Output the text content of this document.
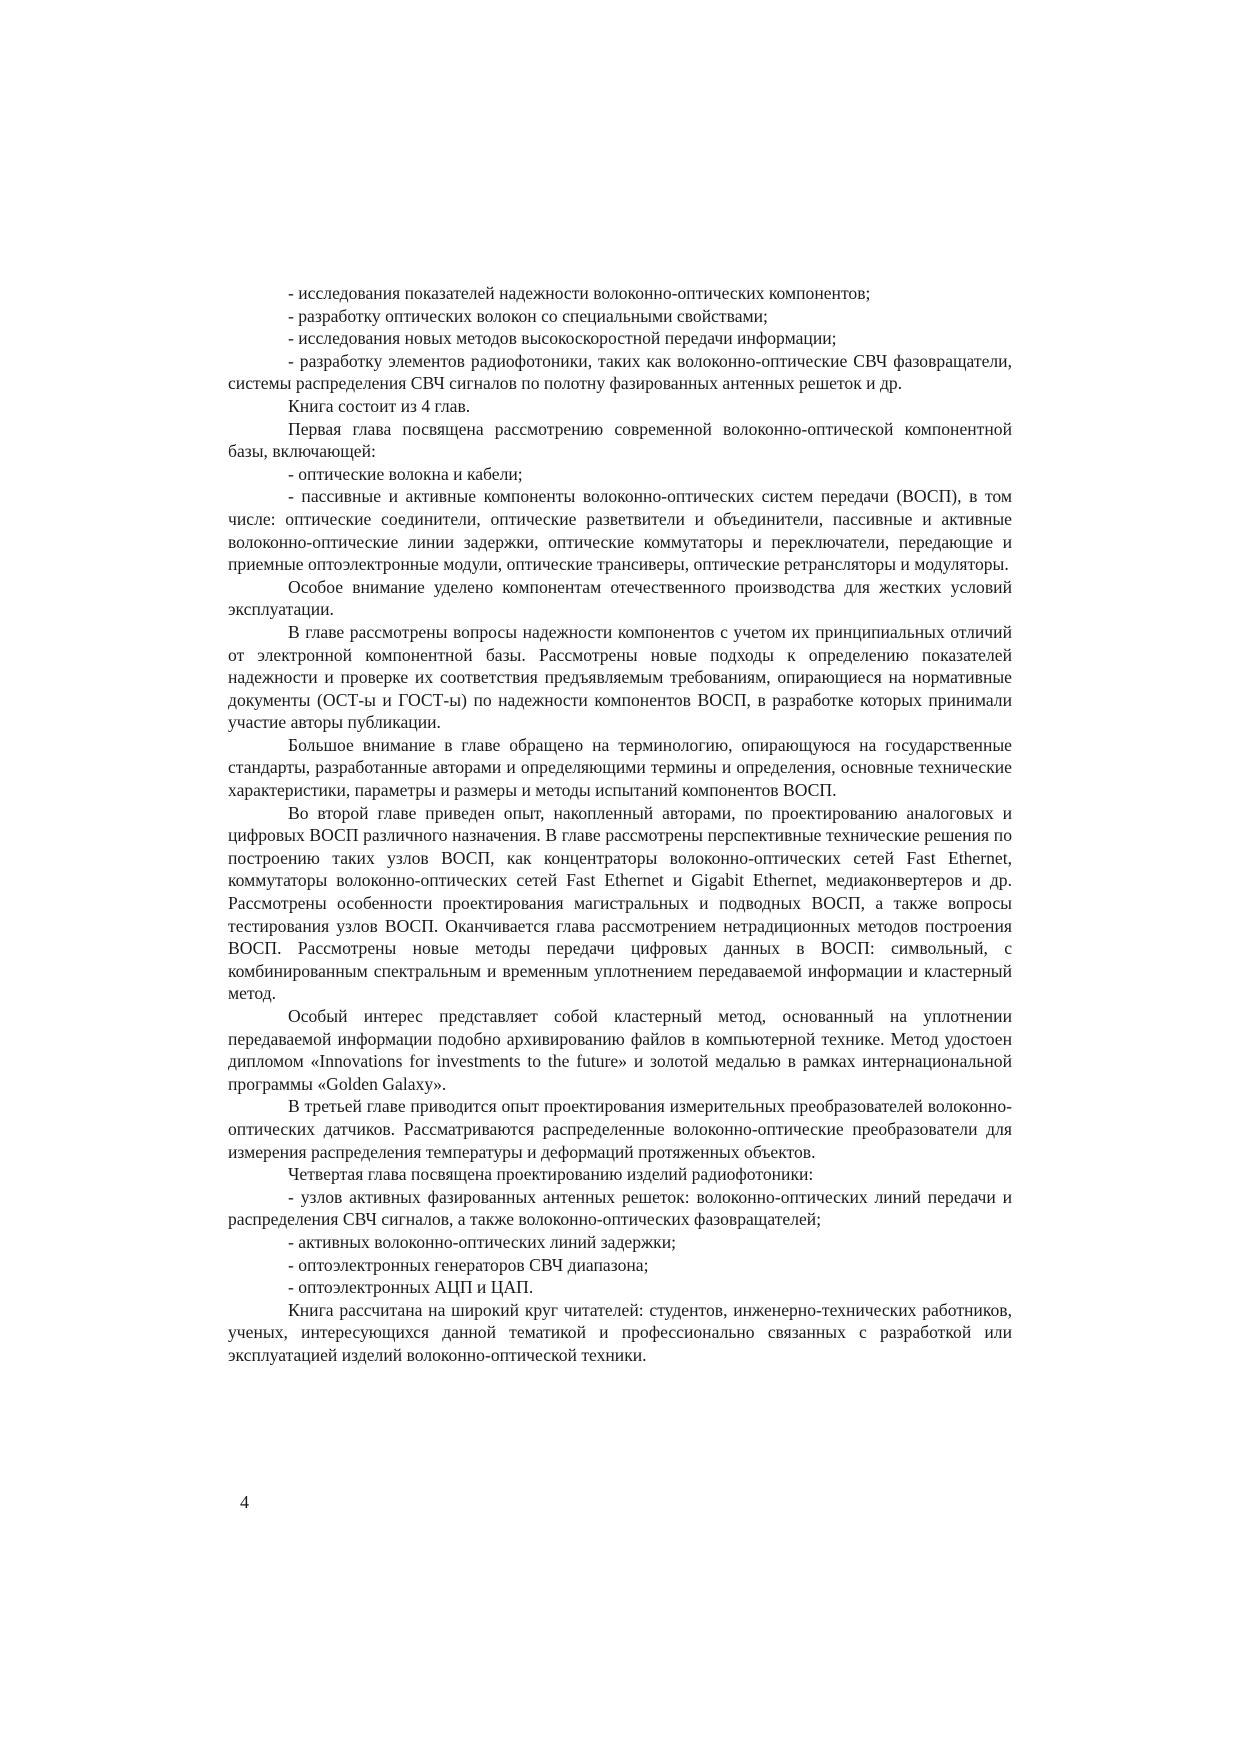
- исследования показателей надежности волоконно-оптических компонентов;

- разработку оптических волокон со специальными свойствами;

- исследования новых методов высокоскоростной передачи информации;

- разработку элементов радиофотоники, таких как волоконно-оптические СВЧ фазовращатели, системы распределения СВЧ сигналов по полотну фазированных антенных решеток и др.

Книга состоит из 4 глав.

Первая глава посвящена рассмотрению современной волоконно-оптической компонентной базы, включающей:

- оптические волокна и кабели;

- пассивные и активные компоненты волоконно-оптических систем передачи (ВОСП), в том числе: оптические соединители, оптические разветвители и объединители, пассивные и активные волоконно-оптические линии задержки, оптические коммутаторы и переключатели, передающие и приемные оптоэлектронные модули, оптические трансиверы, оптические ретрансляторы и модуляторы.

Особое внимание уделено компонентам отечественного производства для жестких условий эксплуатации.

В главе рассмотрены вопросы надежности компонентов с учетом их принципиальных отличий от электронной компонентной базы. Рассмотрены новые подходы к определению показателей надежности и проверке их соответствия предъявляемым требованиям, опирающиеся на нормативные документы (ОСТ-ы и ГОСТ-ы) по надежности компонентов ВОСП, в разработке которых принимали участие авторы публикации.

Большое внимание в главе обращено на терминологию, опирающуюся на государственные стандарты, разработанные авторами и определяющими термины и определения, основные технические характеристики, параметры и размеры и методы испытаний компонентов ВОСП.

Во второй главе приведен опыт, накопленный авторами, по проектированию аналоговых и цифровых ВОСП различного назначения. В главе рассмотрены перспективные технические решения по построению таких узлов ВОСП, как концентраторы волоконно-оптических сетей Fast Ethernet, коммутаторы волоконно-оптических сетей Fast Ethernet и Gigabit Ethernet, медиаконвертеров и др. Рассмотрены особенности проектирования магистральных и подводных ВОСП, а также вопросы тестирования узлов ВОСП. Оканчивается глава рассмотрением нетрадиционных методов построения ВОСП. Рассмотрены новые методы передачи цифровых данных в ВОСП: символьный, с комбинированным спектральным и временным уплотнением передаваемой информации и кластерный метод.

Особый интерес представляет собой кластерный метод, основанный на уплотнении передаваемой информации подобно архивированию файлов в компьютерной технике. Метод удостоен дипломом «Innovations for investments to the future» и золотой медалью в рамках интернациональной программы «Golden Galaxy».

В третьей главе приводится опыт проектирования измерительных преобразователей волоконно-оптических датчиков. Рассматриваются распределенные волоконно-оптические преобразователи для измерения распределения температуры и деформаций протяженных объектов.

Четвертая глава посвящена проектированию изделий радиофотоники:

- узлов активных фазированных антенных решеток: волоконно-оптических линий передачи и распределения СВЧ сигналов, а также волоконно-оптических фазовращателей;

- активных волоконно-оптических линий задержки;

- оптоэлектронных генераторов СВЧ диапазона;

- оптоэлектронных АЦП и ЦАП.

Книга рассчитана на широкий круг читателей: студентов, инженерно-технических работников, ученых, интересующихся данной тематикой и профессионально связанных с разработкой или эксплуатацией изделий волоконно-оптической техники.

4
